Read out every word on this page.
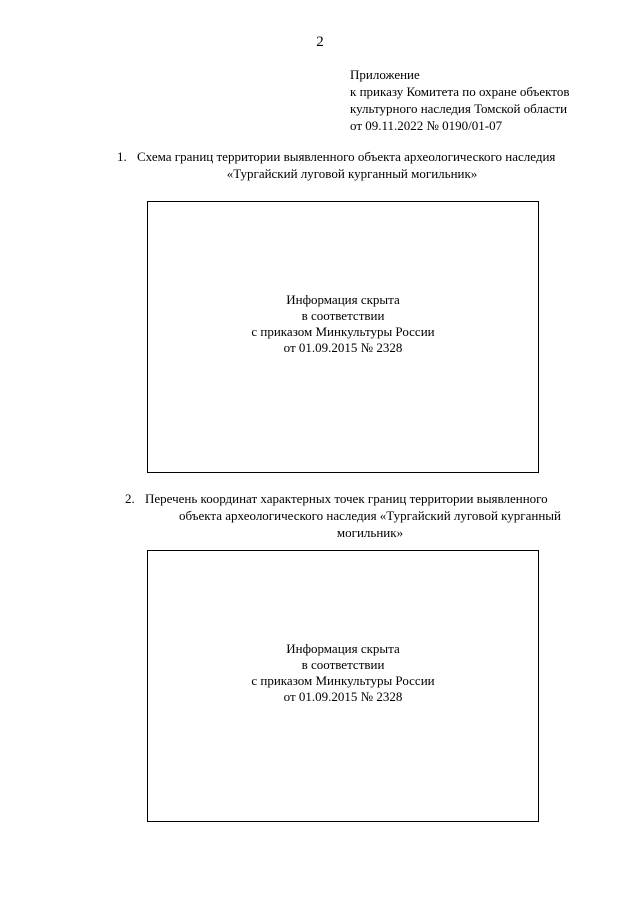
2
Приложение
к приказу Комитета по охране объектов
культурного наследия Томской области
от 09.11.2022 № 0190/01-07
1. Схема границ территории выявленного объекта археологического наследия
«Тургайский луговой курганный могильник»
Информация скрыта
в соответствии
с приказом Минкультуры России
от 01.09.2015 № 2328
2. Перечень координат характерных точек границ территории выявленного
объекта археологического наследия «Тургайский луговой курганный
могильник»
Информация скрыта
в соответствии
с приказом Минкультуры России
от 01.09.2015 № 2328
